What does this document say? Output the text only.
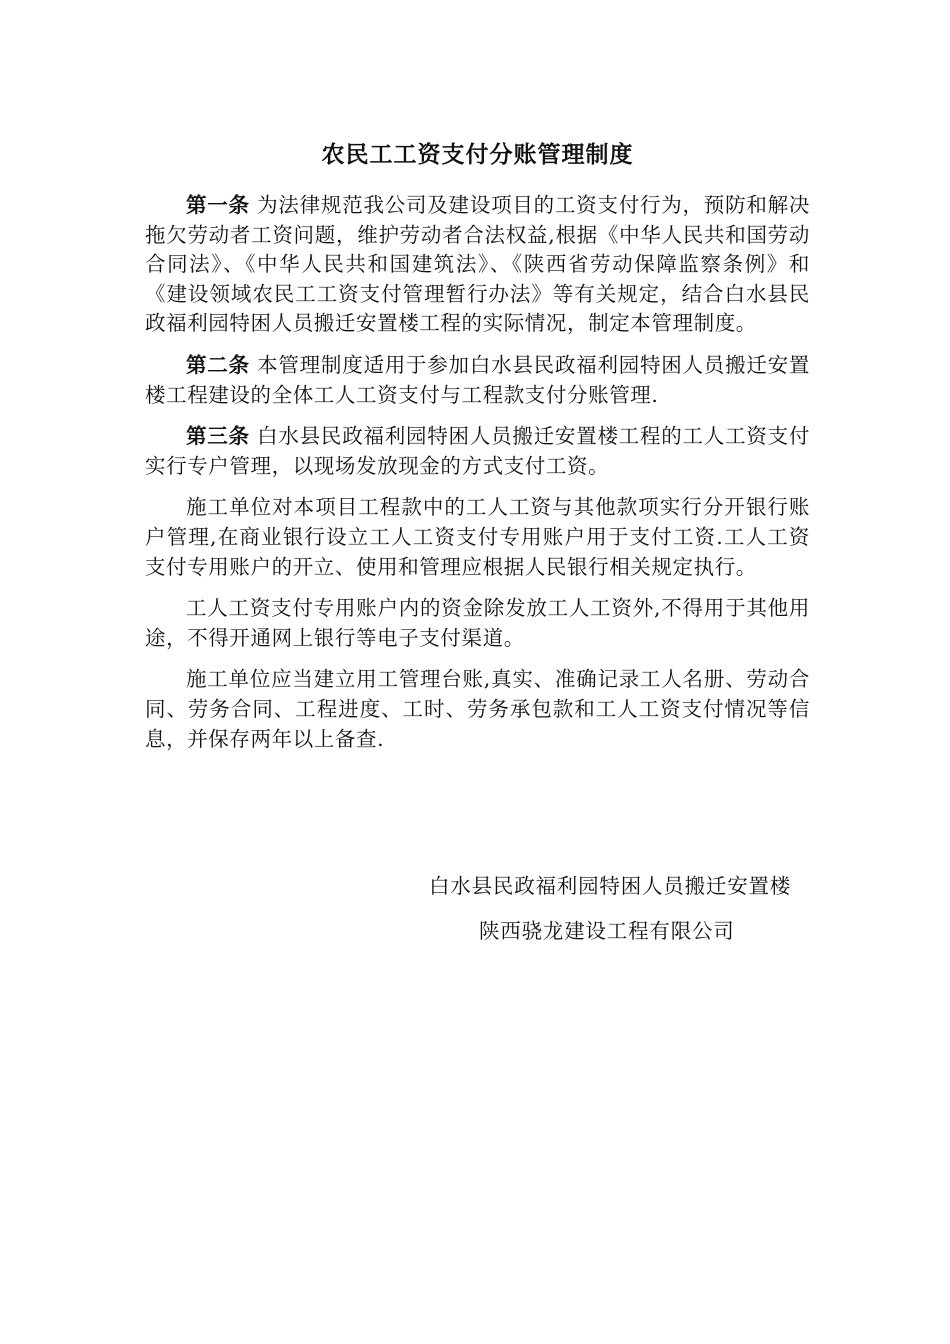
农民工工资支付分账管理制度

第一条 为法律规范我公司及建设项目的工资支付行为，预防和解决拖欠劳动者工资问题，维护劳动者合法权益,根据《中华人民共和国劳动合同法》、《中华人民共和国建筑法》、《陕西省劳动保障监察条例》和《建设领域农民工工资支付管理暂行办法》等有关规定，结合白水县民政福利园特困人员搬迁安置楼工程的实际情况，制定本管理制度。

第二条 本管理制度适用于参加白水县民政福利园特困人员搬迁安置楼工程建设的全体工人工资支付与工程款支付分账管理.

第三条 白水县民政福利园特困人员搬迁安置楼工程的工人工资支付实行专户管理，以现场发放现金的方式支付工资。

施工单位对本项目工程款中的工人工资与其他款项实行分开银行账户管理,在商业银行设立工人工资支付专用账户用于支付工资.工人工资支付专用账户的开立、使用和管理应根据人民银行相关规定执行。

工人工资支付专用账户内的资金除发放工人工资外,不得用于其他用途，不得开通网上银行等电子支付渠道。

施工单位应当建立用工管理台账,真实、准确记录工人名册、劳动合同、劳务合同、工程进度、工时、劳务承包款和工人工资支付情况等信息，并保存两年以上备查.

白水县民政福利园特困人员搬迁安置楼

陕西骁龙建设工程有限公司
